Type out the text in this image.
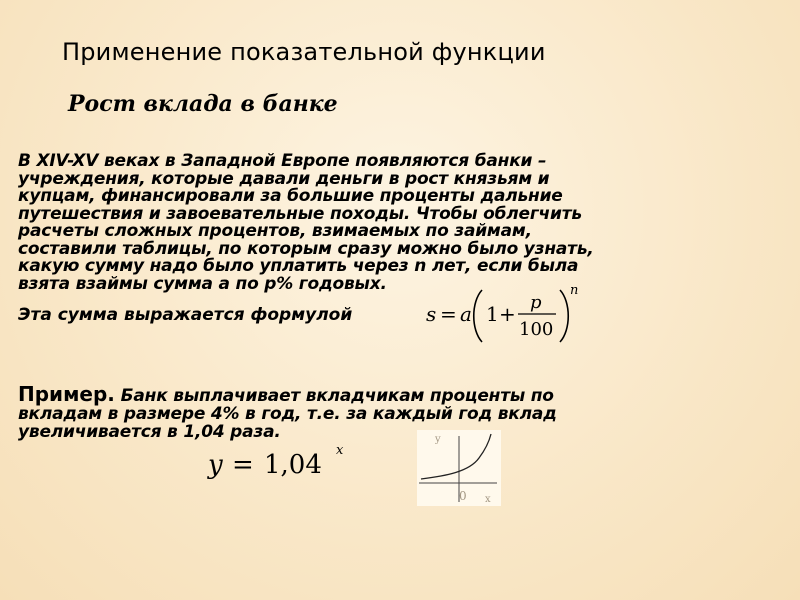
Применение показательной функции
Рост вклада в банке
В XIV-XV веках в Западной Европе появляются банки –
учреждения, которые давали деньги в рост князьям и
купцам, финансировали за большие проценты дальние
путешествия и завоевательные походы. Чтобы облегчить
расчеты сложных процентов, взимаемых по займам,
составили таблицы, по которым сразу можно было узнать,
какую сумму надо было уплатить через n лет, если была
взята взаймы сумма a по p% годовых.
Эта сумма выражается формулой	s = a 1 + p
100
n
Пример. Банк выплачивает вкладчикам проценты по
вкладам в размере 4% в год, т.е. за каждый год вклад
увеличивается в 1,04 раза.
y = 1,04 x
y
x
0
